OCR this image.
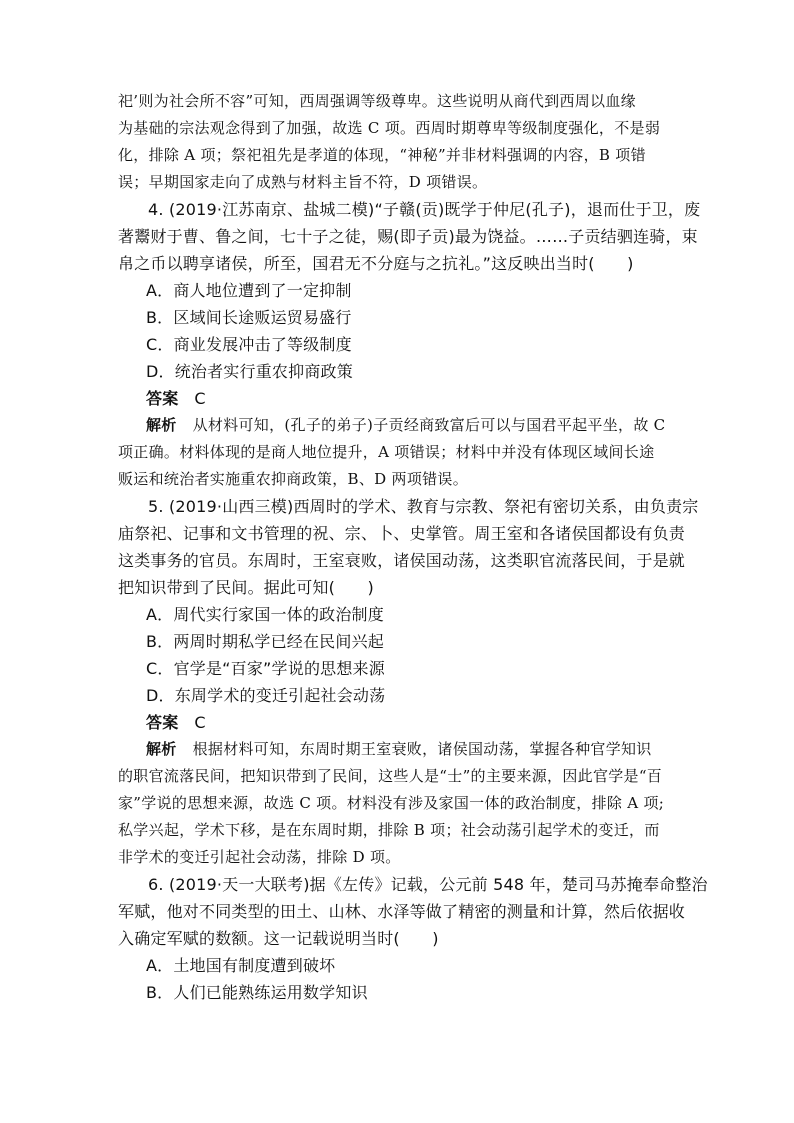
祀’则为社会所不容”可知，西周强调等级尊卑。这些说明从商代到西周以血缘
为基础的宗法观念得到了加强，故选 C 项。西周时期尊卑等级制度强化，不是弱
化，排除 A 项；祭祀祖先是孝道的体现，“神秘”并非材料强调的内容，B 项错
误；早期国家走向了成熟与材料主旨不符，D 项错误。
4. (2019·江苏南京、盐城二模)“子赣(贡)既学于仲尼(孔子)，退而仕于卫，废
著鬻财于曹、鲁之间，七十子之徒，赐(即子贡)最为饶益。……子贡结驷连骑，束
帛之币以聘享诸侯，所至，国君无不分庭与之抗礼。”这反映出当时(　　)
A．商人地位遭到了一定抑制
B．区域间长途贩运贸易盛行
C．商业发展冲击了等级制度
D．统治者实行重农抑商政策
答案 C
解析 从材料可知，(孔子的弟子)子贡经商致富后可以与国君平起平坐，故 C
项正确。材料体现的是商人地位提升，A 项错误；材料中并没有体现区域间长途
贩运和统治者实施重农抑商政策，B、D 两项错误。
5. (2019·山西三模)西周时的学术、教育与宗教、祭祀有密切关系，由负责宗
庙祭祀、记事和文书管理的祝、宗、卜、史掌管。周王室和各诸侯国都设有负责
这类事务的官员。东周时，王室衰败，诸侯国动荡，这类职官流落民间，于是就
把知识带到了民间。据此可知(　　)
A．周代实行家国一体的政治制度
B．两周时期私学已经在民间兴起
C．官学是“百家”学说的思想来源
D．东周学术的变迁引起社会动荡
答案 C
解析 根据材料可知，东周时期王室衰败，诸侯国动荡，掌握各种官学知识
的职官流落民间，把知识带到了民间，这些人是“士”的主要来源，因此官学是“百
家”学说的思想来源，故选 C 项。材料没有涉及家国一体的政治制度，排除 A 项;
私学兴起，学术下移，是在东周时期，排除 B 项；社会动荡引起学术的变迁，而
非学术的变迁引起社会动荡，排除 D 项。
6. (2019·天一大联考)据《左传》记载，公元前 548 年，楚司马苏掩奉命整治
军赋，他对不同类型的田土、山林、水泽等做了精密的测量和计算，然后依据收
入确定军赋的数额。这一记载说明当时(　　)
A．土地国有制度遭到破坏
B．人们已能熟练运用数学知识
